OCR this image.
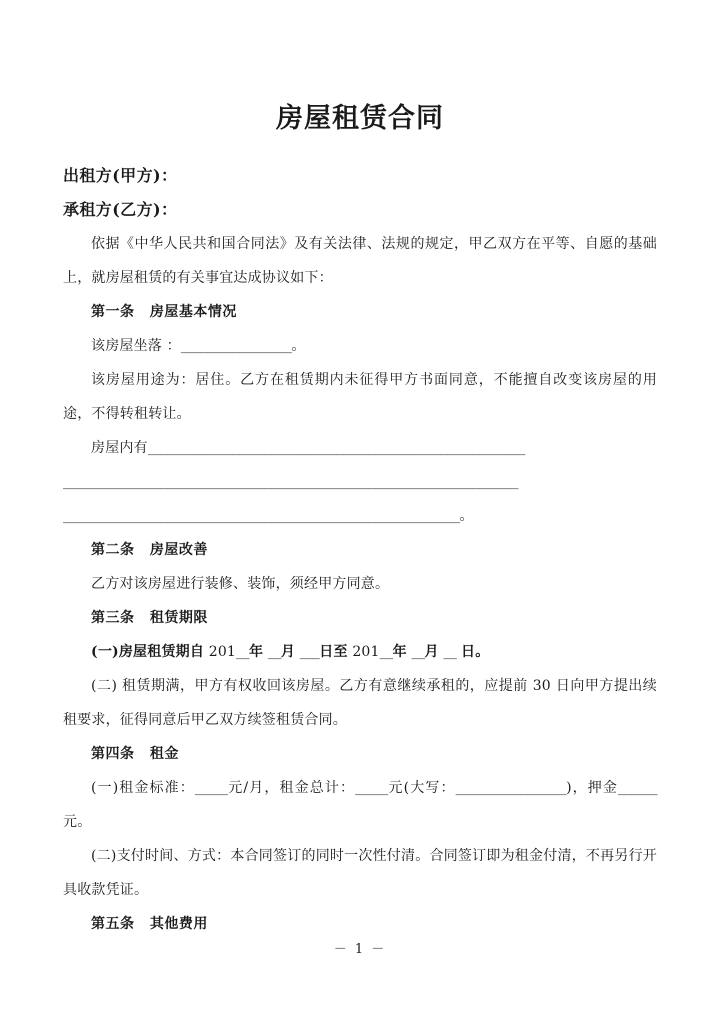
房屋租赁合同

出租方(甲方)：

承租方(乙方)：

依据《中华人民共和国合同法》及有关法律、法规的规定，甲乙双方在平等、自愿的基础上，就房屋租赁的有关事宜达成协议如下：

第一条 房屋基本情况

该房屋坐落 ：_________________。

该房屋用途为：居住。乙方在租赁期内未征得甲方书面同意，不能擅自改变该房屋的用途，不得转租转让。

房屋内有__________________________________________________________

______________________________________________________________________

_____________________________________________________________。

第二条 房屋改善

乙方对该房屋进行装修、装饰，须经甲方同意。

第三条 租赁期限

(一)房屋租赁期自 201__年 __月 ___日至 201__年 __月 __ 日。

(二) 租赁期满，甲方有权收回该房屋。乙方有意继续承租的，应提前 30 日向甲方提出续租要求，征得同意后甲乙双方续签租赁合同。

第四条 租金

(一)租金标准：_____元/月，租金总计：_____元(大写：_________________)，押金______元。

(二)支付时间、方式：本合同签订的同时一次性付清。合同签订即为租金付清，不再另行开具收款凭证。

第五条 其他费用

－ 1 －
